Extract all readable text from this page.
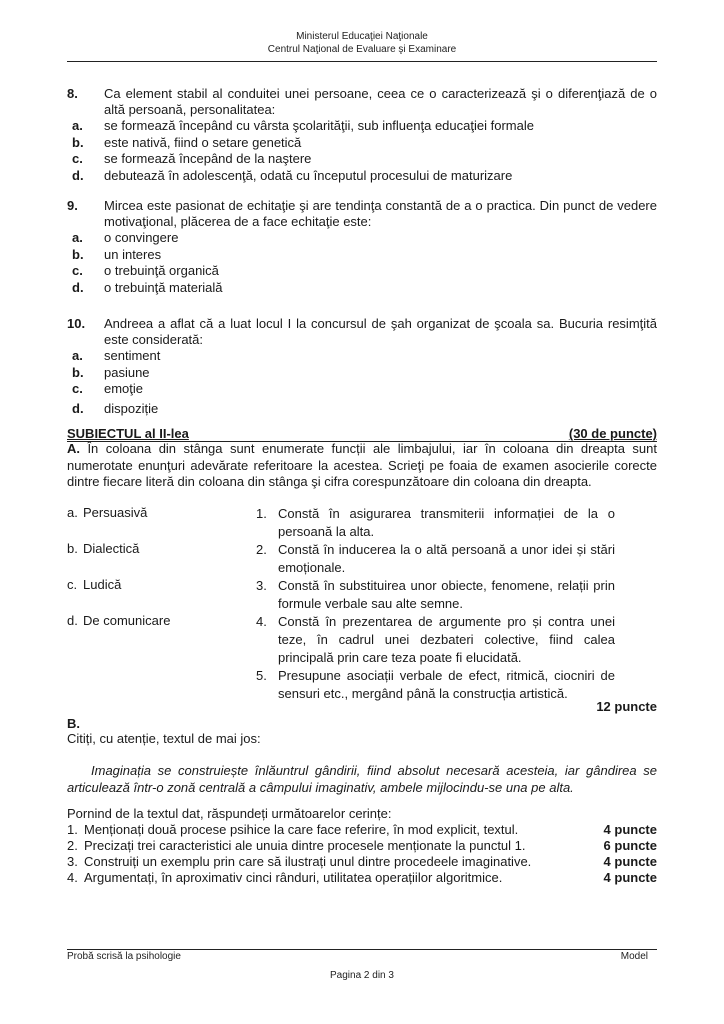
Ministerul Educaţiei Naţionale
Centrul Naţional de Evaluare şi Examinare
8. Ca element stabil al conduitei unei persoane, ceea ce o caracterizează şi o diferenţiază de o altă persoană, personalitatea:
a. se formează începând cu vârsta şcolarităţii, sub influenţa educaţiei formale
b. este nativă, fiind o setare genetică
c. se formează începând de la naştere
d. debutează în adolescenţă, odată cu începutul procesului de maturizare
9. Mircea este pasionat de echitaţie şi are tendinţa constantă de a o practica. Din punct de vedere motivaţional, plăcerea de a face echitaţie este:
a. o convingere
b. un interes
c. o trebuinţă organică
d. o trebuinţă materială
10. Andreea a aflat că a luat locul I la concursul de şah organizat de şcoala sa. Bucuria resimţită este considerată:
a. sentiment
b. pasiune
c. emoţie
d. dispoziție
SUBIECTUL al II-lea	(30 de puncte)
A. În coloana din stânga sunt enumerate funcții ale limbajului, iar în coloana din dreapta sunt numerotate enunţuri adevărate referitoare la acestea. Scrieţi pe foaia de examen asocierile corecte dintre fiecare literă din coloana din stânga şi cifra corespunzătoare din coloana din dreapta.
a. Persuasivă
b. Dialectică
c. Ludică
d. De comunicare
1. Constă în asigurarea transmiterii informației de la o persoană la alta.
2. Constă în inducerea la o altă persoană a unor idei și stări emoționale.
3. Constă în substituirea unor obiecte, fenomene, relații prin formule verbale sau alte semne.
4. Constă în prezentarea de argumente pro și contra unei teze, în cadrul unei dezbateri colective, fiind calea principală prin care teza poate fi elucidată.
5. Presupune asociații verbale de efect, ritmică, ciocniri de sensuri etc., mergând până la construcția artistică.
12 puncte
B.
Citiți, cu atenție, textul de mai jos:
Imaginația se construiește înlăuntrul gândirii, fiind absolut necesară acesteia, iar gândirea se articulează într-o zonă centrală a câmpului imaginativ, ambele mijlocindu-se una pe alta.
Pornind de la textul dat, răspundeți următoarelor cerințe:
1. Menționați două procese psihice la care face referire, în mod explicit, textul.	4 puncte
2. Precizați trei caracteristici ale unuia dintre procesele menționate la punctul 1.	6 puncte
3. Construiți un exemplu prin care să ilustrați unul dintre procedeele imaginative.	4 puncte
4. Argumentați, în aproximativ cinci rânduri, utilitatea operațiilor algoritmice.	4 puncte
Probă scrisă la psihologie	Model
Pagina 2 din 3
